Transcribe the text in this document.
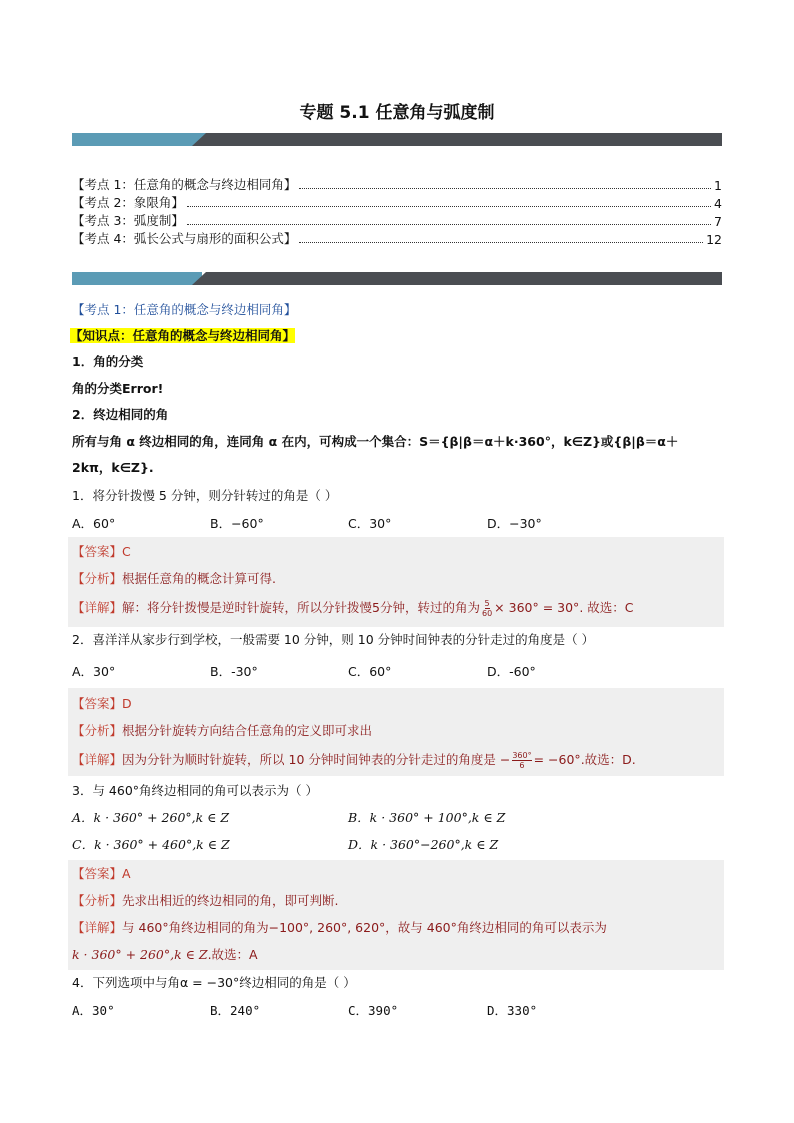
专题 5.1 任意角与弧度制
【考点 1：任意角的概念与终边相同角】	1
【考点 2：象限角】	4
【考点 3：弧度制】	7
【考点 4：弧长公式与扇形的面积公式】	12
【考点 1：任意角的概念与终边相同角】
【知识点：任意角的概念与终边相同角】
1．角的分类
角的分类Error!
2．终边相同的角
所有与角 α 终边相同的角，连同角 α 在内，可构成一个集合：S＝{β|β＝α＋k·360°，k∈Z}或{β|β＝α＋
2kπ，k∈Z}.
1．将分针拨慢 5 分钟，则分针转过的角是（ ）
A．60°	B．−60°	C．30°	D．−30°
【答案】C
【分析】根据任意角的概念计算可得.
【详解】解：将分针拨慢是逆时针旋转，所以分针拨慢5分钟，转过的角为 $\frac{5}{60} \times 360^\circ = 30^\circ$. 故选：C
2．喜洋洋从家步行到学校，一般需要 10 分钟，则 10 分钟时间钟表的分针走过的角度是（ ）
A．30°	B．-30°	C．60°	D．-60°
【答案】D
【分析】根据分针旋转方向结合任意角的定义即可求出
【详解】因为分针为顺时针旋转，所以 10 分钟时间钟表的分针走过的角度是 − $\frac{360^\circ}{6} = -60^\circ$.故选：D.
3．与 460°角终边相同的角可以表示为（ ）
A．k · 360° + 260°,k ∈ Z	B．k · 360° + 100°,k ∈ Z
C．k · 360° + 460°,k ∈ Z	D．k · 360°−260°,k ∈ Z
【答案】A
【分析】先求出相近的终边相同的角，即可判断.
【详解】与 460°角终边相同的角为−100°, 260°, 620°，故与 460°角终边相同的角可以表示为
k · 360° + 260°,k ∈ Z.故选：A
4．下列选项中与角α = −30°终边相同的角是（ ）
A．30°	B．240°	C．390°	D．330°
